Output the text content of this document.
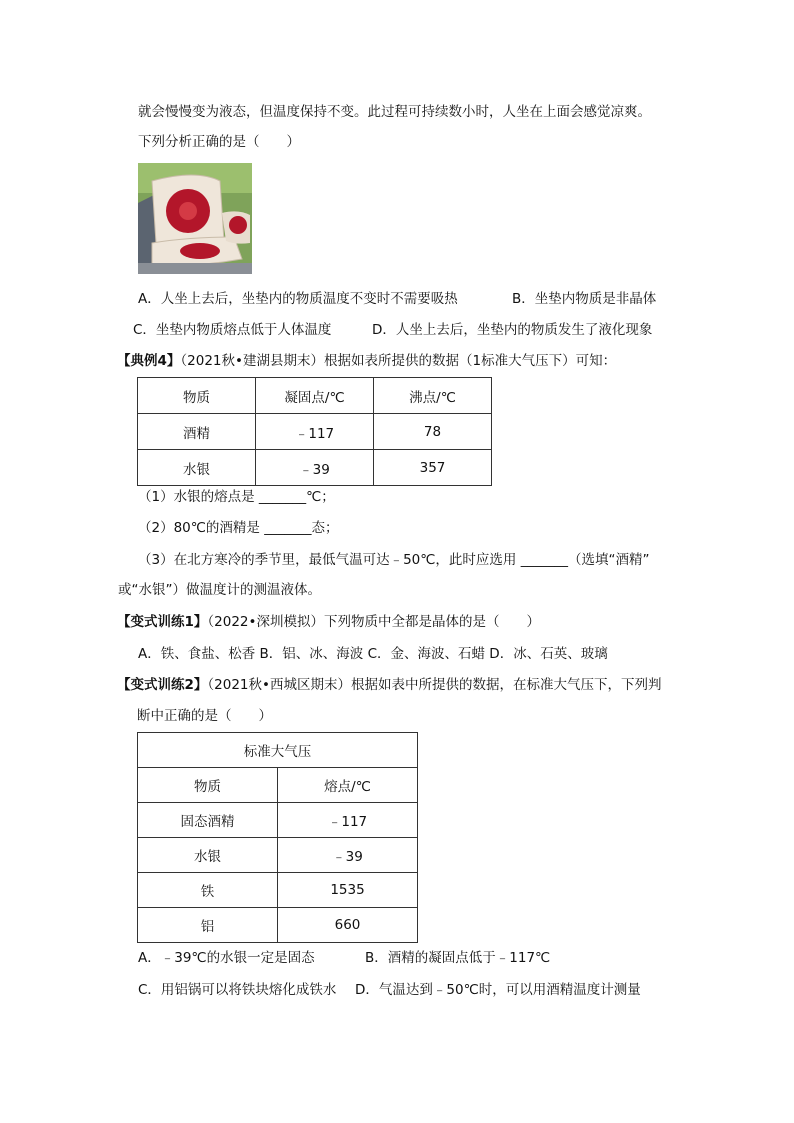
就会慢慢变为液态，但温度保持不变。此过程可持续数小时，人坐在上面会感觉凉爽。
下列分析正确的是（　　）
A．人坐上去后，坐垫内的物质温度不变时不需要吸热	B．坐垫内物质是非晶体
C．坐垫内物质熔点低于人体温度	D．人坐上去后，坐垫内的物质发生了液化现象
【典例4】（2021秋•建湖县期末）根据如表所提供的数据（1标准大气压下）可知：
物质	凝固点/℃	沸点/℃
酒精	﹣117	78
水银	﹣39	357
（1）水银的熔点是 _______℃；
（2）80℃的酒精是 _______态；
（3）在北方寒冷的季节里，最低气温可达﹣50℃，此时应选用 _______（选填“酒精”
或“水银”）做温度计的测温液体。
【变式训练1】（2022•深圳模拟）下列物质中全都是晶体的是（　　）
A．铁、食盐、松香 B．铝、冰、海波 C．金、海波、石蜡 D．冰、石英、玻璃
【变式训练2】（2021秋•西城区期末）根据如表中所提供的数据，在标准大气压下，下列判
断中正确的是（　　）
标准大气压	
物质	熔点/℃
固态酒精	﹣117
水银	﹣39
铁	1535
铝	660
A．﹣39℃的水银一定是固态	B．酒精的凝固点低于﹣117℃
C．用铝锅可以将铁块熔化成铁水 D．气温达到﹣50℃时，可以用酒精温度计测量
